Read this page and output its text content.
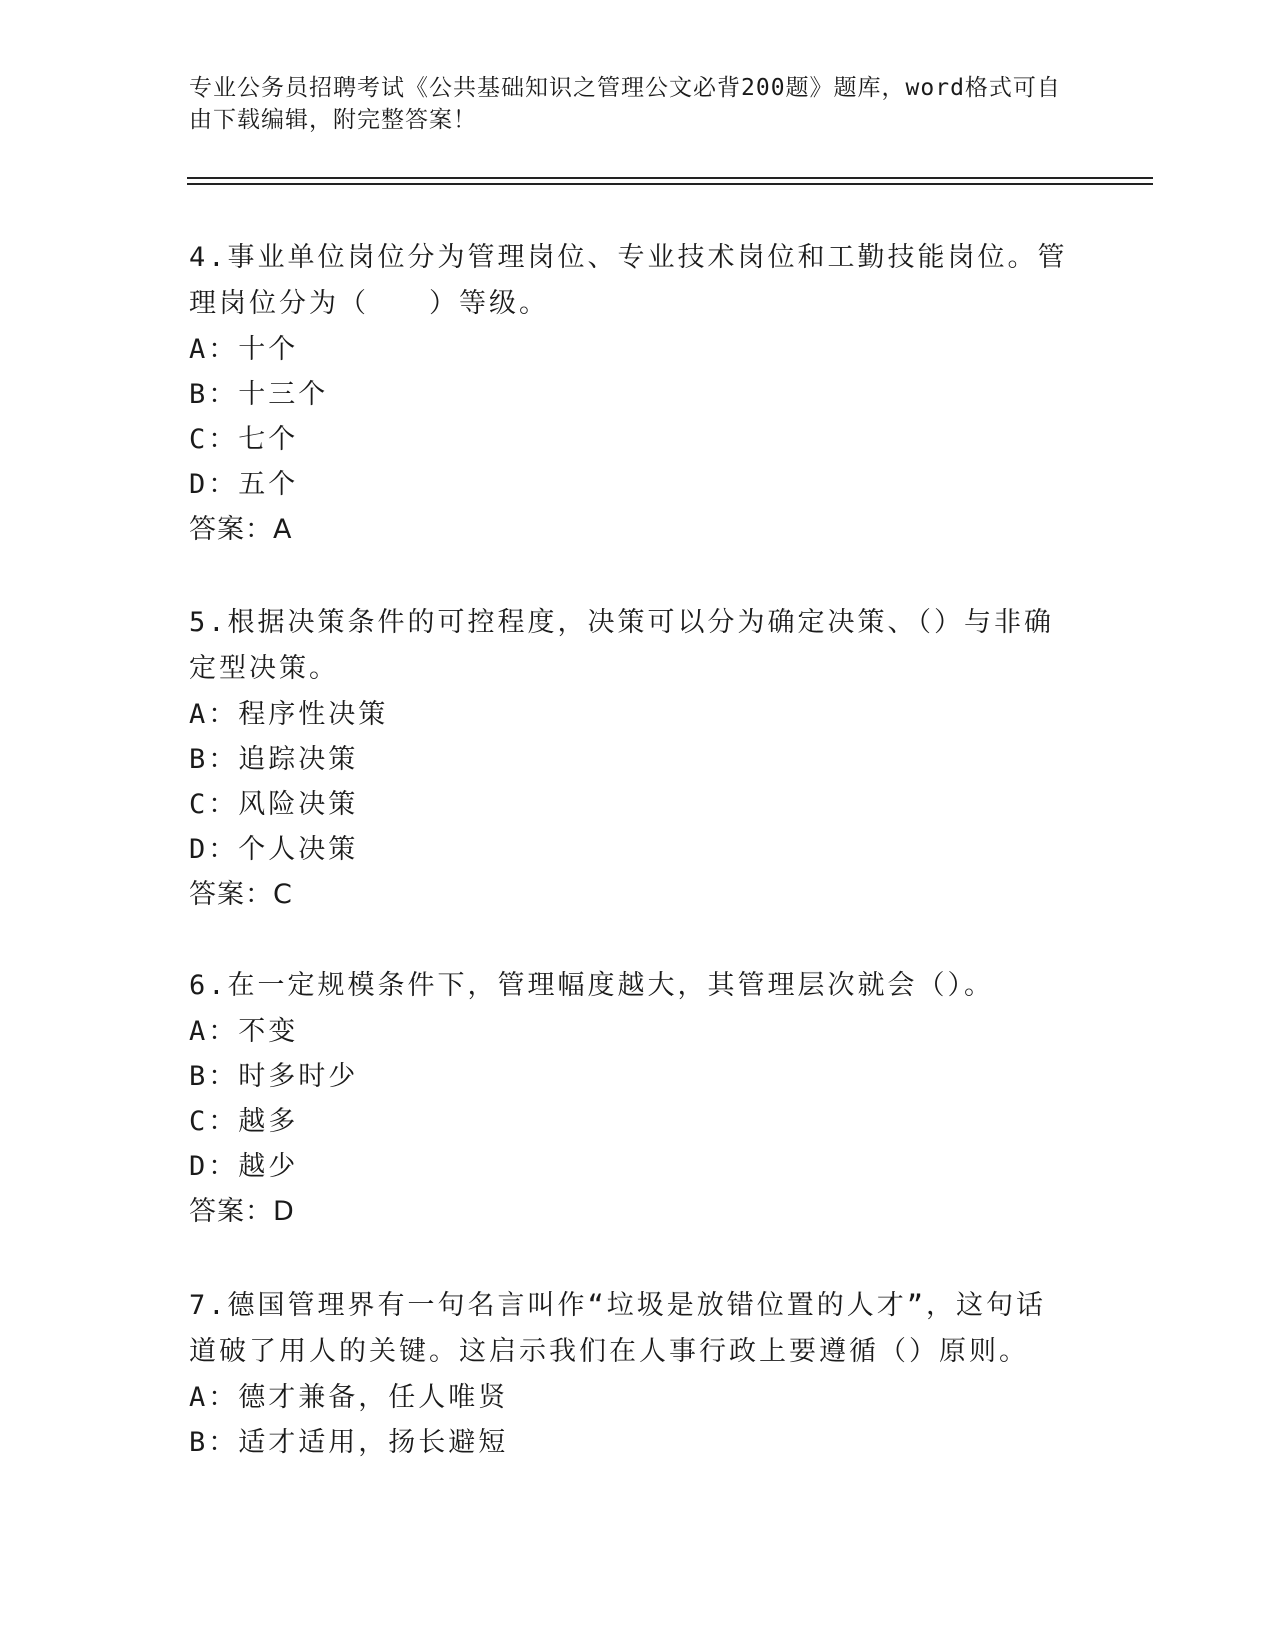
专业公务员招聘考试《公共基础知识之管理公文必背200题》题库，word格式可自由下载编辑，附完整答案！

4.事业单位岗位分为管理岗位、专业技术岗位和工勤技能岗位。管理岗位分为（　　）等级。

A：十个

B：十三个

C：七个

D：五个

答案：A

5.根据决策条件的可控程度，决策可以分为确定决策、（）与非确定型决策。

A：程序性决策

B：追踪决策

C：风险决策

D：个人决策

答案：C

6.在一定规模条件下，管理幅度越大，其管理层次就会（）。

A：不变

B：时多时少

C：越多

D：越少

答案：D

7.德国管理界有一句名言叫作“垃圾是放错位置的人才”，这句话道破了用人的关键。这启示我们在人事行政上要遵循（）原则。

A：德才兼备，任人唯贤

B：适才适用，扬长避短
